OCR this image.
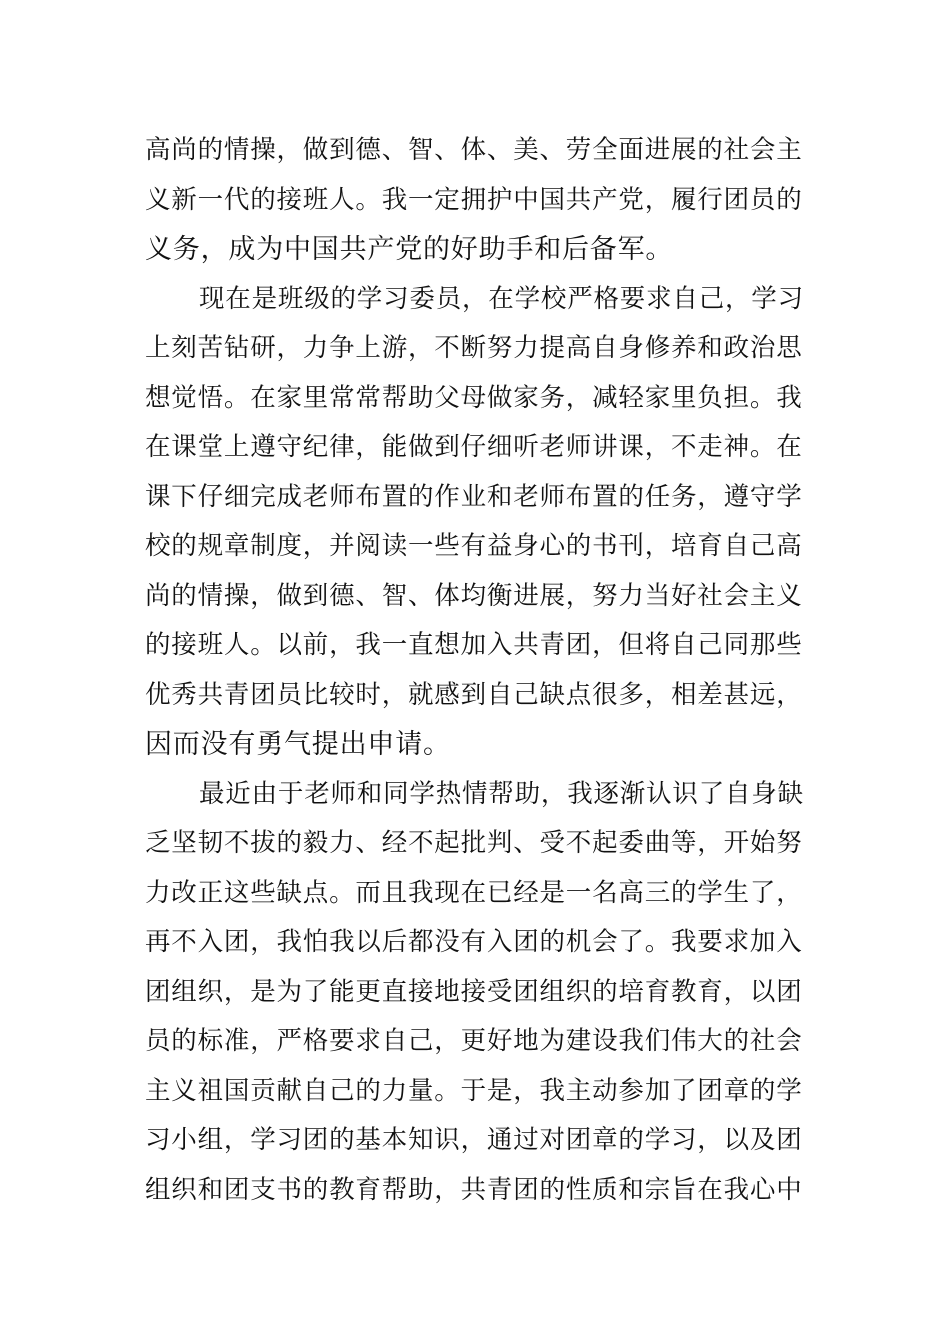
高尚的情操，做到德、智、体、美、劳全面进展的社会主
义新一代的接班人。我一定拥护中国共产党，履行团员的
义务，成为中国共产党的好助手和后备军。
现在是班级的学习委员，在学校严格要求自己，学习
上刻苦钻研，力争上游，不断努力提高自身修养和政治思
想觉悟。在家里常常帮助父母做家务，减轻家里负担。我
在课堂上遵守纪律，能做到仔细听老师讲课，不走神。在
课下仔细完成老师布置的作业和老师布置的任务，遵守学
校的规章制度，并阅读一些有益身心的书刊，培育自己高
尚的情操，做到德、智、体均衡进展，努力当好社会主义
的接班人。以前，我一直想加入共青团，但将自己同那些
优秀共青团员比较时，就感到自己缺点很多，相差甚远，
因而没有勇气提出申请。
最近由于老师和同学热情帮助，我逐渐认识了自身缺
乏坚韧不拔的毅力、经不起批判、受不起委曲等，开始努
力改正这些缺点。而且我现在已经是一名高三的学生了，
再不入团，我怕我以后都没有入团的机会了。我要求加入
团组织，是为了能更直接地接受团组织的培育教育，以团
员的标准，严格要求自己，更好地为建设我们伟大的社会
主义祖国贡献自己的力量。于是，我主动参加了团章的学
习小组，学习团的基本知识，通过对团章的学习，以及团
组织和团支书的教育帮助，共青团的性质和宗旨在我心中
